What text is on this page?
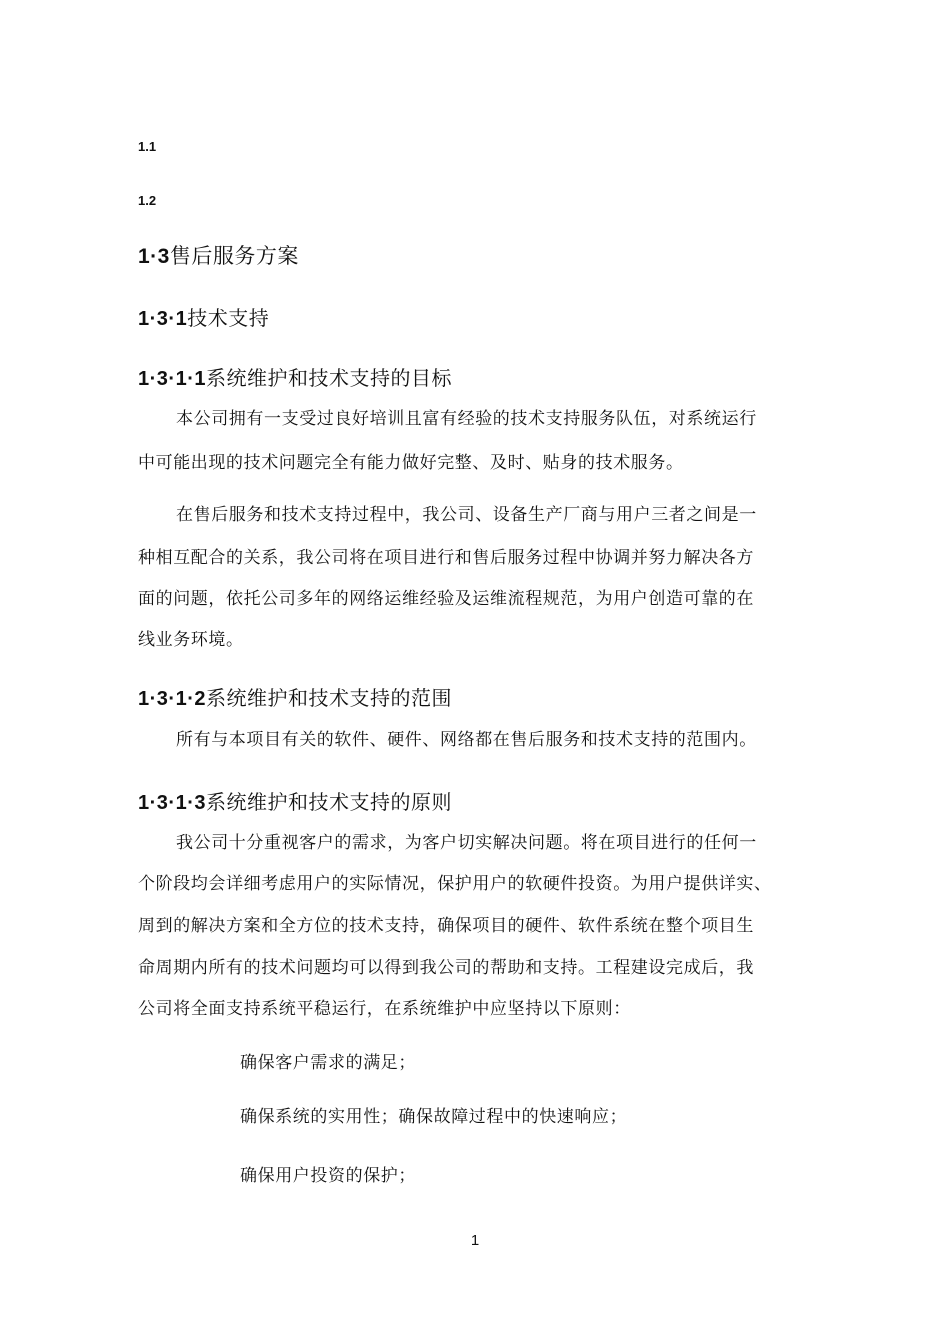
1.1
1.2
1·3售后服务方案
1·3·1技术支持
1·3·1·1系统维护和技术支持的目标
本公司拥有一支受过良好培训且富有经验的技术支持服务队伍，对系统运行
中可能出现的技术问题完全有能力做好完整、及时、贴身的技术服务。
在售后服务和技术支持过程中，我公司、设备生产厂商与用户三者之间是一
种相互配合的关系，我公司将在项目进行和售后服务过程中协调并努力解决各方
面的问题，依托公司多年的网络运维经验及运维流程规范，为用户创造可靠的在
线业务环境。
1·3·1·2系统维护和技术支持的范围
所有与本项目有关的软件、硬件、网络都在售后服务和技术支持的范围内。
1·3·1·3系统维护和技术支持的原则
我公司十分重视客户的需求，为客户切实解决问题。将在项目进行的任何一
个阶段均会详细考虑用户的实际情况，保护用户的软硬件投资。为用户提供详实、
周到的解决方案和全方位的技术支持，确保项目的硬件、软件系统在整个项目生
命周期内所有的技术问题均可以得到我公司的帮助和支持。工程建设完成后，我
公司将全面支持系统平稳运行，在系统维护中应坚持以下原则：
确保客户需求的满足；
确保系统的实用性；确保故障过程中的快速响应；
确保用户投资的保护；
1
